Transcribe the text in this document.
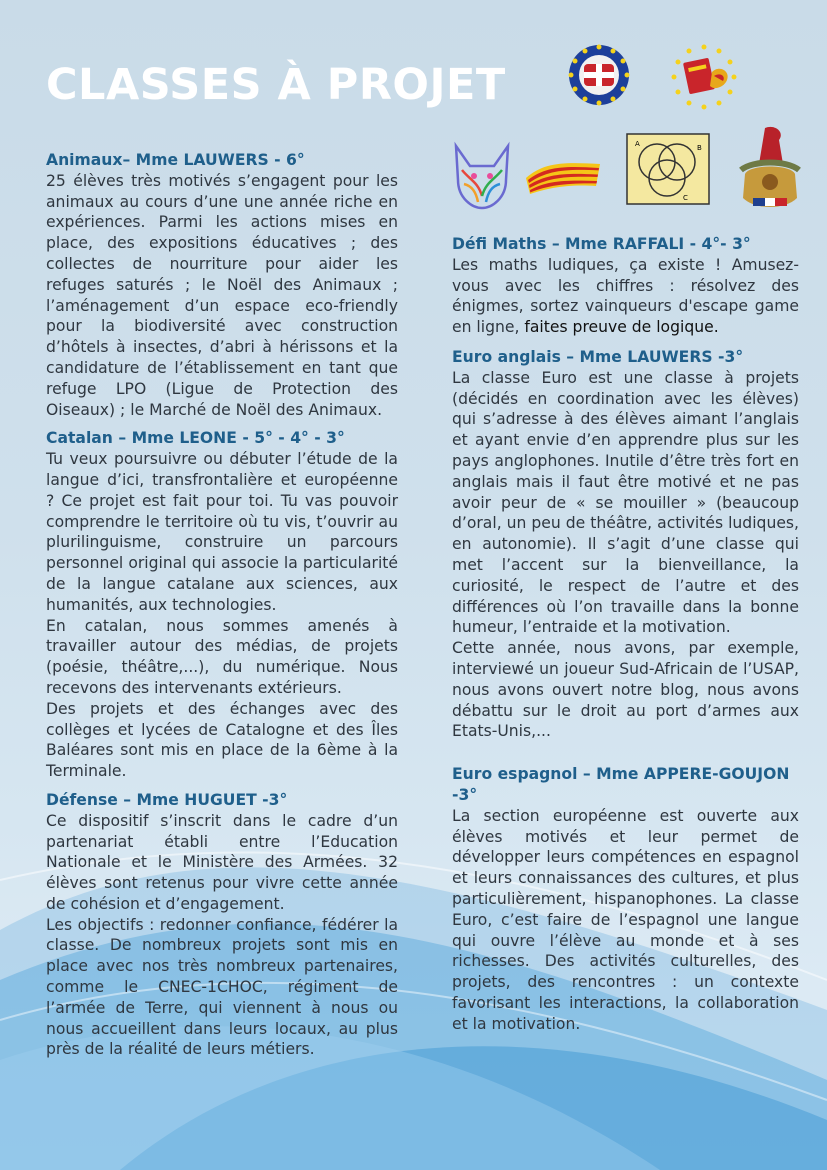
CLASSES À PROJET
A	B
C
Animaux– Mme LAUWERS - 6°

25 élèves très motivés s’engagent pour les animaux au cours d’une une année riche en expériences. Parmi les actions mises en place, des expositions éducatives ; des collectes de nourriture pour aider les refuges saturés ; le Noël des Animaux ; l’aménagement d’un espace eco-friendly pour la biodiversité avec construction d’hôtels à insectes, d’abri à hérissons et la candidature de l’établissement en tant que refuge LPO (Ligue de Protection des Oiseaux) ; le Marché de Noël des Animaux.

Catalan – Mme LEONE - 5° - 4° - 3°

Tu veux poursuivre ou débuter l’étude de la langue d’ici, transfrontalière et européenne ? Ce projet est fait pour toi. Tu vas pouvoir comprendre le territoire où tu vis, t’ouvrir au plurilinguisme, construire un parcours personnel original qui associe la particularité de la langue catalane aux sciences, aux humanités, aux technologies.

En catalan, nous sommes amenés à travailler autour des médias, de projets (poésie, théâtre,...), du numérique. Nous recevons des intervenants extérieurs.

Des projets et des échanges avec des collèges et lycées de Catalogne et des Îles Baléares sont mis en place de la 6ème à la Terminale.

Défense – Mme HUGUET -3°

Ce dispositif s’inscrit dans le cadre d’un partenariat établi entre l’Education Nationale et le Ministère des Armées. 32 élèves sont retenus pour vivre cette année de cohésion et d’engagement.

Les objectifs : redonner confiance, fédérer la classe. De nombreux projets sont mis en place avec nos très nombreux partenaires, comme le CNEC-1CHOC, régiment de l’armée de Terre, qui viennent à nous ou nous accueillent dans leurs locaux, au plus près de la réalité de leurs métiers.

Défi Maths – Mme RAFFALI - 4°- 3°

Les maths ludiques, ça existe ! Amusez-vous avec les chiffres : résolvez des énigmes, sortez vainqueurs d'escape game en ligne, faites preuve de logique.

Euro anglais – Mme LAUWERS -3°

La classe Euro est une classe à projets (décidés en coordination avec les élèves) qui s’adresse à des élèves aimant l’anglais et ayant envie d’en apprendre plus sur les pays anglophones. Inutile d’être très fort en anglais mais il faut être motivé et ne pas avoir peur de « se mouiller » (beaucoup d’oral, un peu de théâtre, activités ludiques, en autonomie). Il s’agit d’une classe qui met l’accent sur la bienveillance, la curiosité, le respect de l’autre et des différences où l’on travaille dans la bonne humeur, l’entraide et la motivation.

Cette année, nous avons, par exemple, interviewé un joueur Sud-Africain de l’USAP, nous avons ouvert notre blog, nous avons débattu sur le droit au port d’armes aux Etats-Unis,...

Euro espagnol – Mme APPERE-GOUJON -3°

La section européenne est ouverte aux élèves motivés et leur permet de développer leurs compétences en espagnol et leurs connaissances des cultures, et plus particulièrement, hispanophones. La classe Euro, c’est faire de l’espagnol une langue qui ouvre l’élève au monde et à ses richesses. Des activités culturelles, des projets, des rencontres : un contexte favorisant les interactions, la collaboration et la motivation.
